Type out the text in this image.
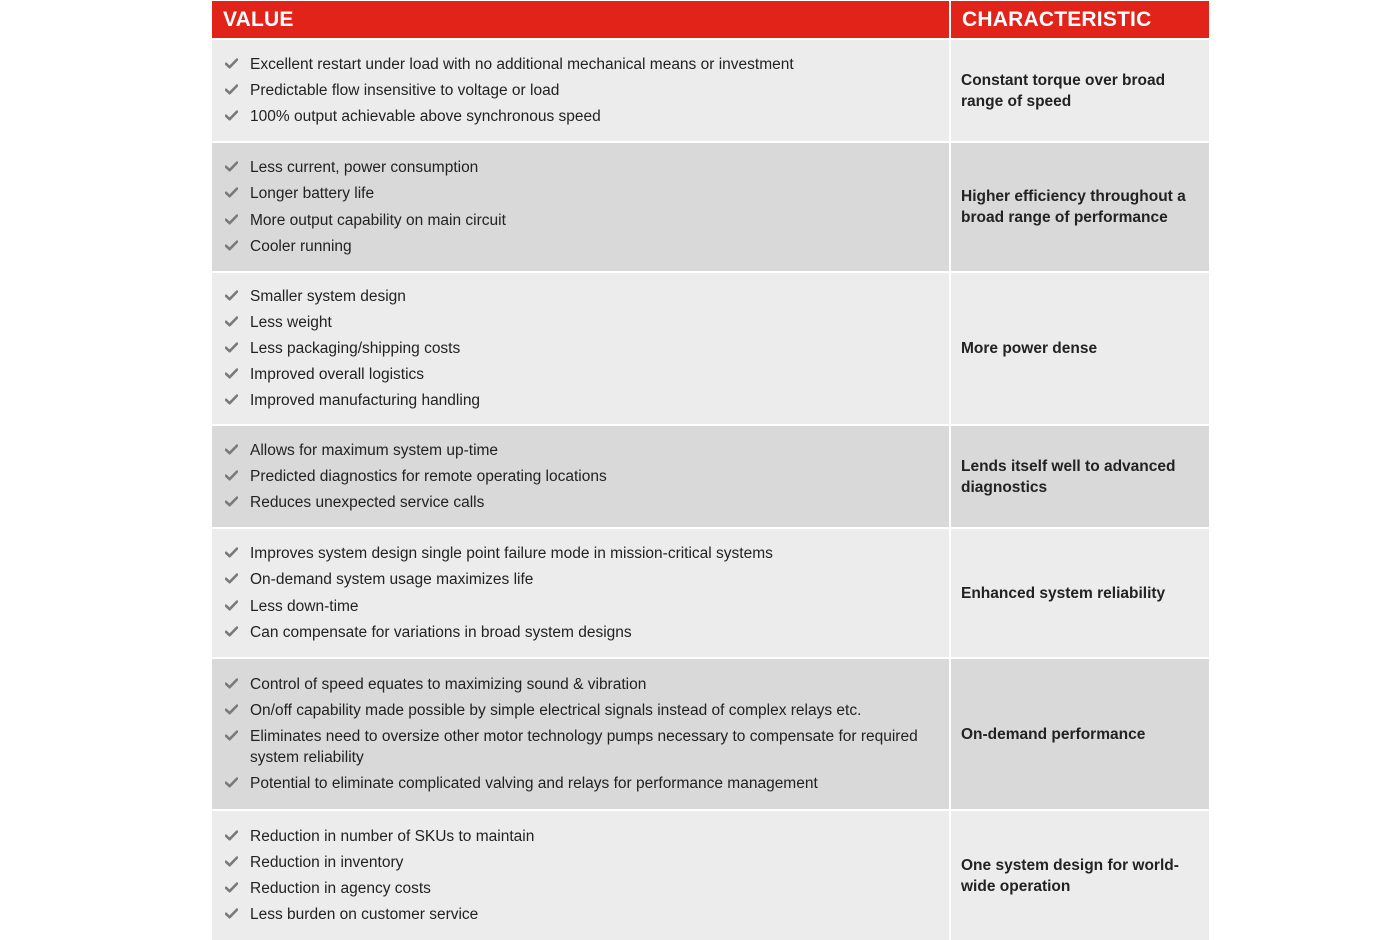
VALUE	CHARACTERISTIC
Excellent restart under load with no additional mechanical means or investment
Predictable flow insensitive to voltage or load
100% output achievable above synchronous speed
Constant torque over broad range of speed
Less current, power consumption
Longer battery life
More output capability on main circuit
Cooler running
Higher efficiency throughout a broad range of performance
Smaller system design
Less weight
Less packaging/shipping costs
Improved overall logistics
Improved manufacturing handling
More power dense
Allows for maximum system up-time
Predicted diagnostics for remote operating locations
Reduces unexpected service calls
Lends itself well to advanced diagnostics
Improves system design single point failure mode in mission-critical systems
On-demand system usage maximizes life
Less down-time
Can compensate for variations in broad system designs
Enhanced system reliability
Control of speed equates to maximizing sound & vibration
On/off capability made possible by simple electrical signals instead of complex relays etc.
Eliminates need to oversize other motor technology pumps necessary to compensate for required system reliability
Potential to eliminate complicated valving and relays for performance management
On-demand performance
Reduction in number of SKUs to maintain
Reduction in inventory
Reduction in agency costs
Less burden on customer service
One system design for world-wide operation
